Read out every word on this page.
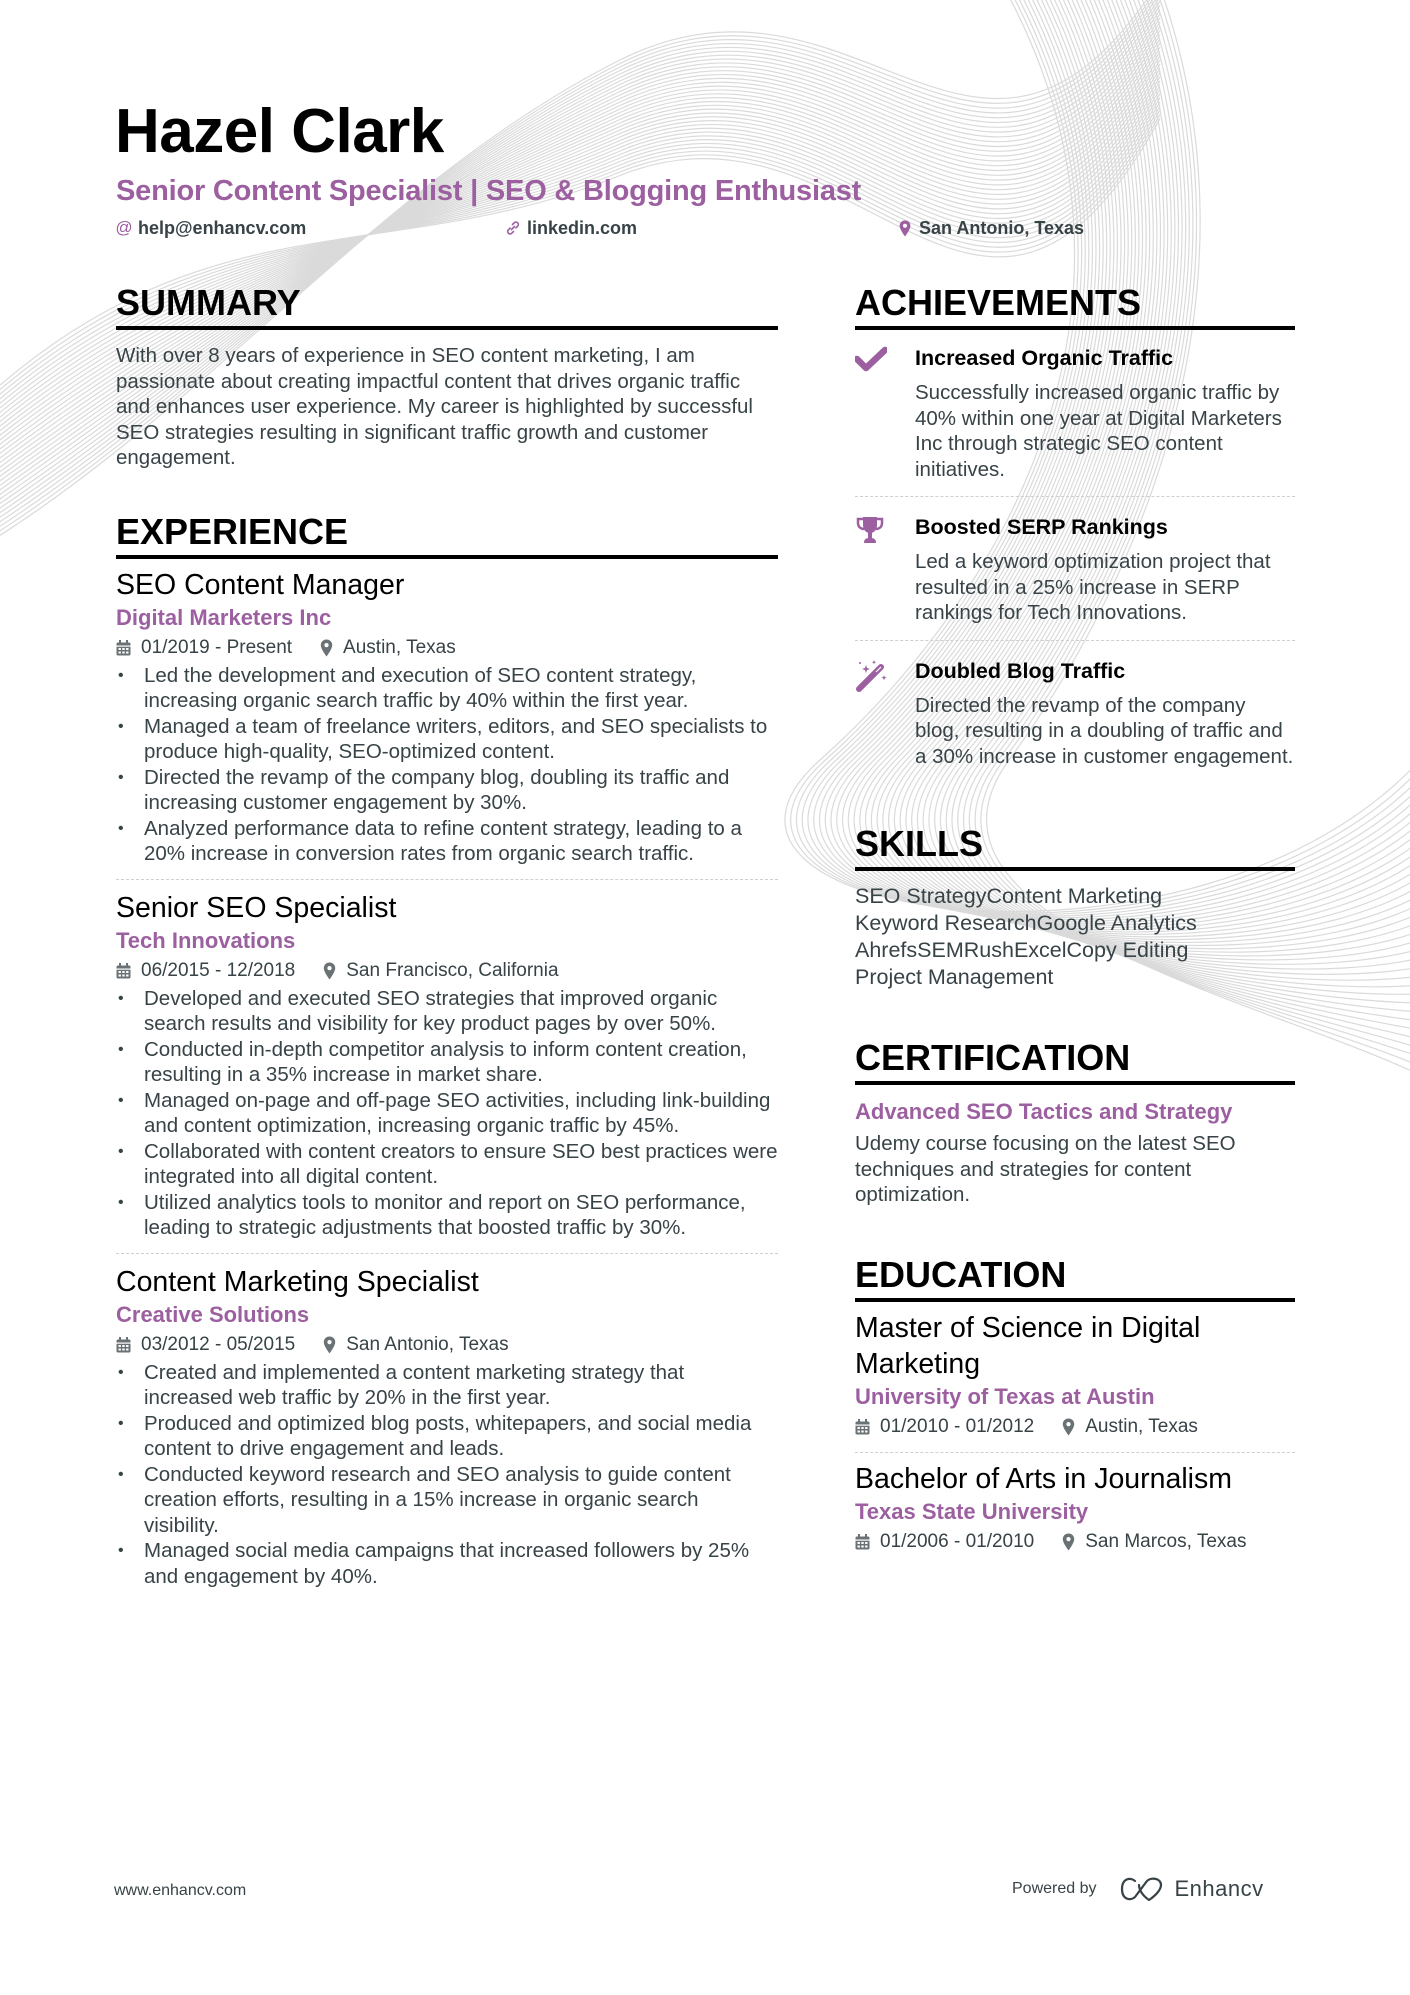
Hazel Clark
Senior Content Specialist | SEO & Blogging Enthusiast
@ help@enhancv.com	linkedin.com	San Antonio, Texas
SUMMARY
With over 8 years of experience in SEO content marketing, I am passionate about creating impactful content that drives organic traffic and enhances user experience. My career is highlighted by successful SEO strategies resulting in significant traffic growth and customer engagement.
EXPERIENCE
SEO Content Manager
Digital Marketers Inc
01/2019 - Present	Austin, Texas
• Led the development and execution of SEO content strategy, increasing organic search traffic by 40% within the first year.
• Managed a team of freelance writers, editors, and SEO specialists to produce high-quality, SEO-optimized content.
• Directed the revamp of the company blog, doubling its traffic and increasing customer engagement by 30%.
• Analyzed performance data to refine content strategy, leading to a 20% increase in conversion rates from organic search traffic.
Senior SEO Specialist
Tech Innovations
06/2015 - 12/2018	San Francisco, California
• Developed and executed SEO strategies that improved organic search results and visibility for key product pages by over 50%.
• Conducted in-depth competitor analysis to inform content creation, resulting in a 35% increase in market share.
• Managed on-page and off-page SEO activities, including link-building and content optimization, increasing organic traffic by 45%.
• Collaborated with content creators to ensure SEO best practices were integrated into all digital content.
• Utilized analytics tools to monitor and report on SEO performance, leading to strategic adjustments that boosted traffic by 30%.
Content Marketing Specialist
Creative Solutions
03/2012 - 05/2015	San Antonio, Texas
• Created and implemented a content marketing strategy that increased web traffic by 20% in the first year.
• Produced and optimized blog posts, whitepapers, and social media content to drive engagement and leads.
• Conducted keyword research and SEO analysis to guide content creation efforts, resulting in a 15% increase in organic search visibility.
• Managed social media campaigns that increased followers by 25% and engagement by 40%.
ACHIEVEMENTS
Increased Organic Traffic
Successfully increased organic traffic by 40% within one year at Digital Marketers Inc through strategic SEO content initiatives.
Boosted SERP Rankings
Led a keyword optimization project that resulted in a 25% increase in SERP rankings for Tech Innovations.
Doubled Blog Traffic
Directed the revamp of the company blog, resulting in a doubling of traffic and a 30% increase in customer engagement.
SKILLS
SEO StrategyContent Marketing
Keyword ResearchGoogle Analytics
AhrefsSEMRushExcelCopy Editing
Project Management
CERTIFICATION
Advanced SEO Tactics and Strategy
Udemy course focusing on the latest SEO techniques and strategies for content optimization.
EDUCATION
Master of Science in Digital Marketing
University of Texas at Austin
01/2010 - 01/2012	Austin, Texas
Bachelor of Arts in Journalism
Texas State University
01/2006 - 01/2010	San Marcos, Texas
www.enhancv.com	Powered by	Enhancv
